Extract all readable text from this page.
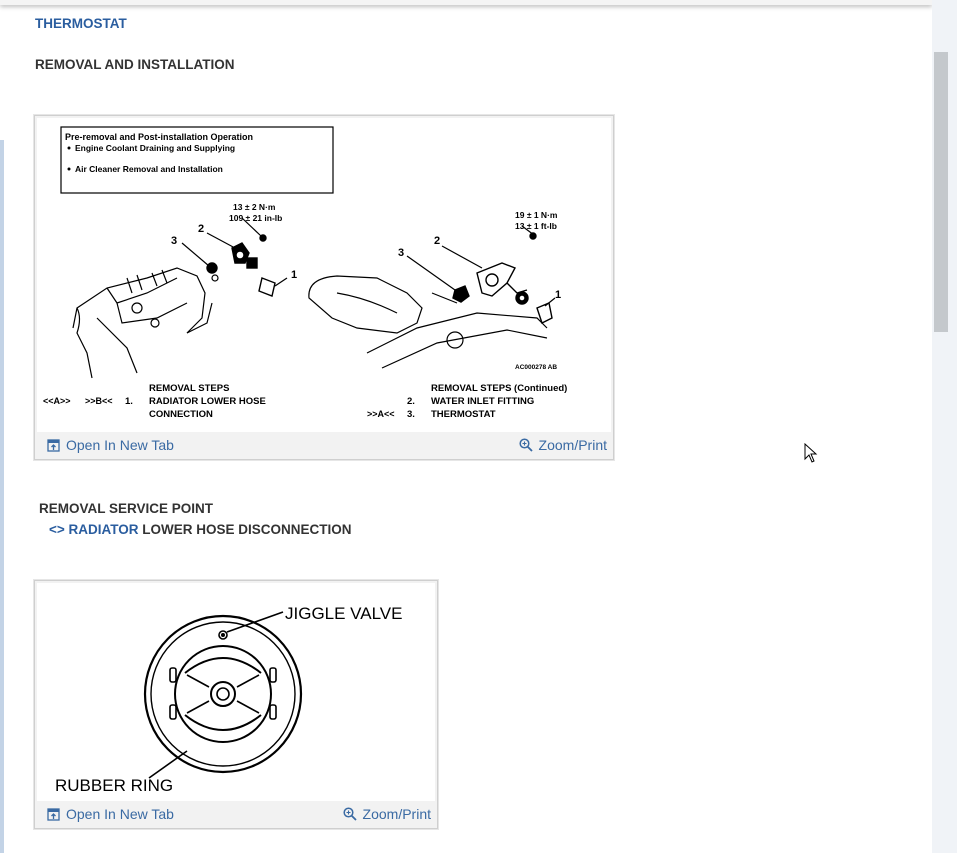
THERMOSTAT

REMOVAL AND INSTALLATION

Pre-removal and Post-installation Operation
Engine Coolant Draining and Supplying
Air Cleaner Removal and Installation
3
2
1
13 ± 2 N·m
109 ± 21 in-lb
3
2
1
19 ± 1 N·m
13 ± 1 ft-lb
AC000278 AB
REMOVAL STEPS
<<A>> >>B<< 1. RADIATOR LOWER HOSE
CONNECTION
REMOVAL STEPS (Continued)
2. WATER INLET FITTING
>>A<< 3. THERMOSTAT
Open In New Tab	Zoom/Print

REMOVAL SERVICE POINT

<> RADIATOR LOWER HOSE DISCONNECTION

JIGGLE VALVE
RUBBER RING
Open In New Tab	Zoom/Print
